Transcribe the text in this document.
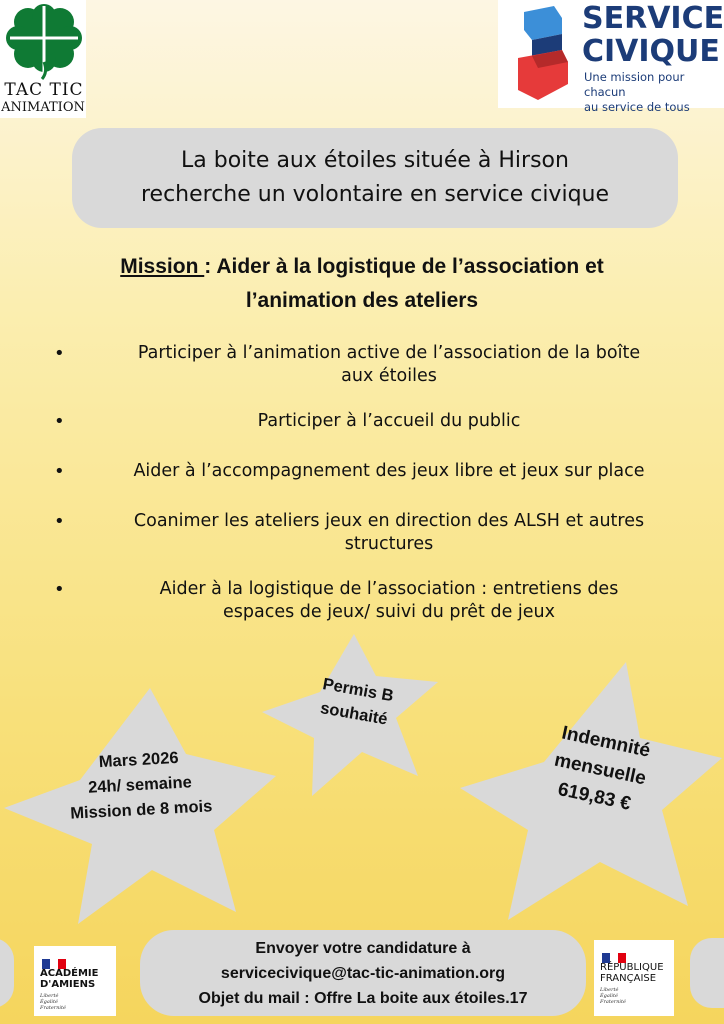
TAC TIC
ANIMATION
SERVICE
CIVIQUE
Une mission pour chacun
au service de tous
La boite aux étoiles située à Hirson
recherche un volontaire en service civique
Mission : Aider à la logistique de l’association et
l’animation des ateliers
• Participer à l’animation active de l’association de la boîte
aux étoiles
• Participer à l’accueil du public
• Aider à l’accompagnement des jeux libre et jeux sur place
• Coanimer les ateliers jeux en direction des ALSH et autres
structures
• Aider à la logistique de l’association : entretiens des
espaces de jeux/ suivi du prêt de jeux
Mars 2026
24h/ semaine
Mission de 8 mois
Permis B
souhaité
Indemnité
mensuelle
619,83 €
ACADÉMIE
D'AMIENS
Liberté
Égalité
Fraternité
Envoyer votre candidature à
servicecivique@tac-tic-animation.org
Objet du mail : Offre La boite aux étoiles.17
RÉPUBLIQUE
FRANÇAISE
Liberté
Égalité
Fraternité
